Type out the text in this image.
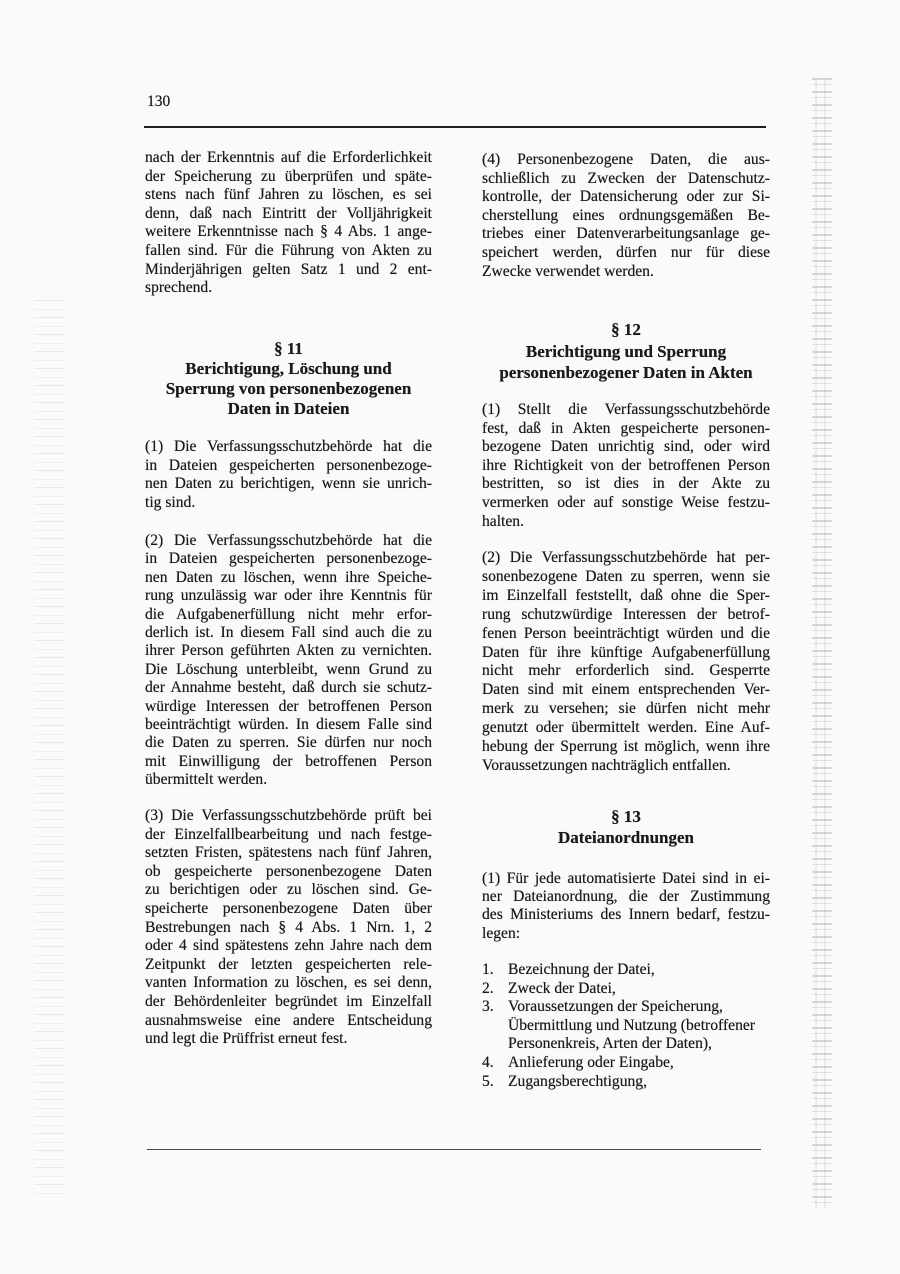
130
nach der Erkenntnis auf die Erforderlichkeit
der Speicherung zu überprüfen und späte-
stens nach fünf Jahren zu löschen, es sei
denn, daß nach Eintritt der Volljährigkeit
weitere Erkenntnisse nach § 4 Abs. 1 ange-
fallen sind. Für die Führung von Akten zu
Minderjährigen gelten Satz 1 und 2 ent-
sprechend.
§ 11
Berichtigung, Löschung und
Sperrung von personenbezogenen
Daten in Dateien
(1) Die Verfassungsschutzbehörde hat die
in Dateien gespeicherten personenbezoge-
nen Daten zu berichtigen, wenn sie unrich-
tig sind.
(2) Die Verfassungsschutzbehörde hat die
in Dateien gespeicherten personenbezoge-
nen Daten zu löschen, wenn ihre Speiche-
rung unzulässig war oder ihre Kenntnis für
die Aufgabenerfüllung nicht mehr erfor-
derlich ist. In diesem Fall sind auch die zu
ihrer Person geführten Akten zu vernichten.
Die Löschung unterbleibt, wenn Grund zu
der Annahme besteht, daß durch sie schutz-
würdige Interessen der betroffenen Person
beeinträchtigt würden. In diesem Falle sind
die Daten zu sperren. Sie dürfen nur noch
mit Einwilligung der betroffenen Person
übermittelt werden.
(3) Die Verfassungsschutzbehörde prüft bei
der Einzelfallbearbeitung und nach festge-
setzten Fristen, spätestens nach fünf Jahren,
ob gespeicherte personenbezogene Daten
zu berichtigen oder zu löschen sind. Ge-
speicherte personenbezogene Daten über
Bestrebungen nach § 4 Abs. 1 Nrn. 1, 2
oder 4 sind spätestens zehn Jahre nach dem
Zeitpunkt der letzten gespeicherten rele-
vanten Information zu löschen, es sei denn,
der Behördenleiter begründet im Einzelfall
ausnahmsweise eine andere Entscheidung
und legt die Prüffrist erneut fest.
(4) Personenbezogene Daten, die aus-
schließlich zu Zwecken der Datenschutz-
kontrolle, der Datensicherung oder zur Si-
cherstellung eines ordnungsgemäßen Be-
triebes einer Datenverarbeitungsanlage ge-
speichert werden, dürfen nur für diese
Zwecke verwendet werden.
§ 12
Berichtigung und Sperrung
personenbezogener Daten in Akten
(1) Stellt die Verfassungsschutzbehörde
fest, daß in Akten gespeicherte personen-
bezogene Daten unrichtig sind, oder wird
ihre Richtigkeit von der betroffenen Person
bestritten, so ist dies in der Akte zu
vermerken oder auf sonstige Weise festzu-
halten.
(2) Die Verfassungsschutzbehörde hat per-
sonenbezogene Daten zu sperren, wenn sie
im Einzelfall feststellt, daß ohne die Sper-
rung schutzwürdige Interessen der betrof-
fenen Person beeinträchtigt würden und die
Daten für ihre künftige Aufgabenerfüllung
nicht mehr erforderlich sind. Gesperrte
Daten sind mit einem entsprechenden Ver-
merk zu versehen; sie dürfen nicht mehr
genutzt oder übermittelt werden. Eine Auf-
hebung der Sperrung ist möglich, wenn ihre
Voraussetzungen nachträglich entfallen.
§ 13
Dateianordnungen
(1) Für jede automatisierte Datei sind in ei-
ner Dateianordnung, die der Zustimmung
des Ministeriums des Innern bedarf, festzu-
legen:
1. Bezeichnung der Datei,
2. Zweck der Datei,
3. Voraussetzungen der Speicherung,
Übermittlung und Nutzung (betroffener
Personenkreis, Arten der Daten),
4. Anlieferung oder Eingabe,
5. Zugangsberechtigung,
